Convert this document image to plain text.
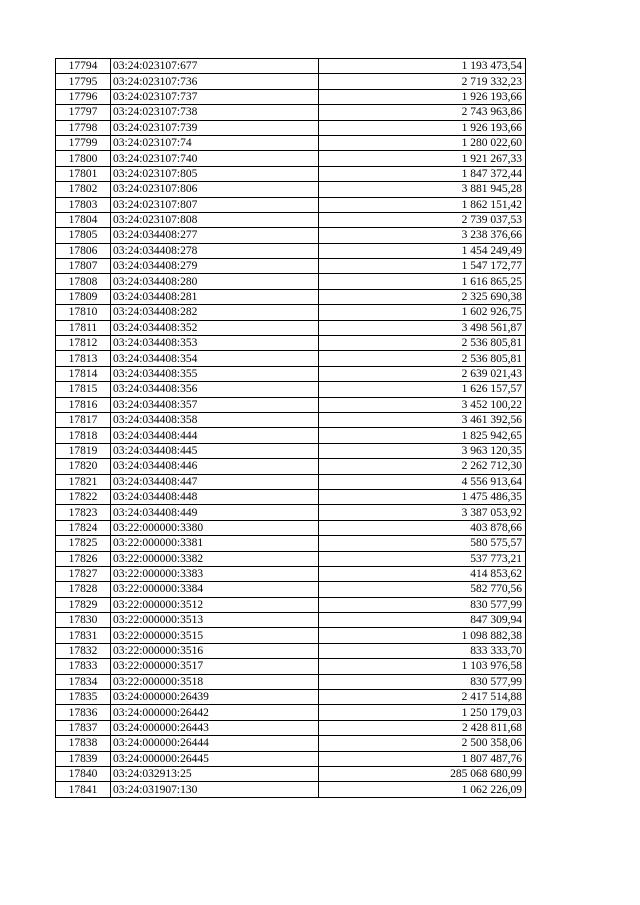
17794	03:24:023107:677	1 193 473,54
17795	03:24:023107:736	2 719 332,23
17796	03:24:023107:737	1 926 193,66
17797	03:24:023107:738	2 743 963,86
17798	03:24:023107:739	1 926 193,66
17799	03:24:023107:74	1 280 022,60
17800	03:24:023107:740	1 921 267,33
17801	03:24:023107:805	1 847 372,44
17802	03:24:023107:806	3 881 945,28
17803	03:24:023107:807	1 862 151,42
17804	03:24:023107:808	2 739 037,53
17805	03:24:034408:277	3 238 376,66
17806	03:24:034408:278	1 454 249,49
17807	03:24:034408:279	1 547 172,77
17808	03:24:034408:280	1 616 865,25
17809	03:24:034408:281	2 325 690,38
17810	03:24:034408:282	1 602 926,75
17811	03:24:034408:352	3 498 561,87
17812	03:24:034408:353	2 536 805,81
17813	03:24:034408:354	2 536 805,81
17814	03:24:034408:355	2 639 021,43
17815	03:24:034408:356	1 626 157,57
17816	03:24:034408:357	3 452 100,22
17817	03:24:034408:358	3 461 392,56
17818	03:24:034408:444	1 825 942,65
17819	03:24:034408:445	3 963 120,35
17820	03:24:034408:446	2 262 712,30
17821	03:24:034408:447	4 556 913,64
17822	03:24:034408:448	1 475 486,35
17823	03:24:034408:449	3 387 053,92
17824	03:22:000000:3380	403 878,66
17825	03:22:000000:3381	580 575,57
17826	03:22:000000:3382	537 773,21
17827	03:22:000000:3383	414 853,62
17828	03:22:000000:3384	582 770,56
17829	03:22:000000:3512	830 577,99
17830	03:22:000000:3513	847 309,94
17831	03:22:000000:3515	1 098 882,38
17832	03:22:000000:3516	833 333,70
17833	03:22:000000:3517	1 103 976,58
17834	03:22:000000:3518	830 577,99
17835	03:24:000000:26439	2 417 514,88
17836	03:24:000000:26442	1 250 179,03
17837	03:24:000000:26443	2 428 811,68
17838	03:24:000000:26444	2 500 358,06
17839	03:24:000000:26445	1 807 487,76
17840	03:24:032913:25	285 068 680,99
17841	03:24:031907:130	1 062 226,09
